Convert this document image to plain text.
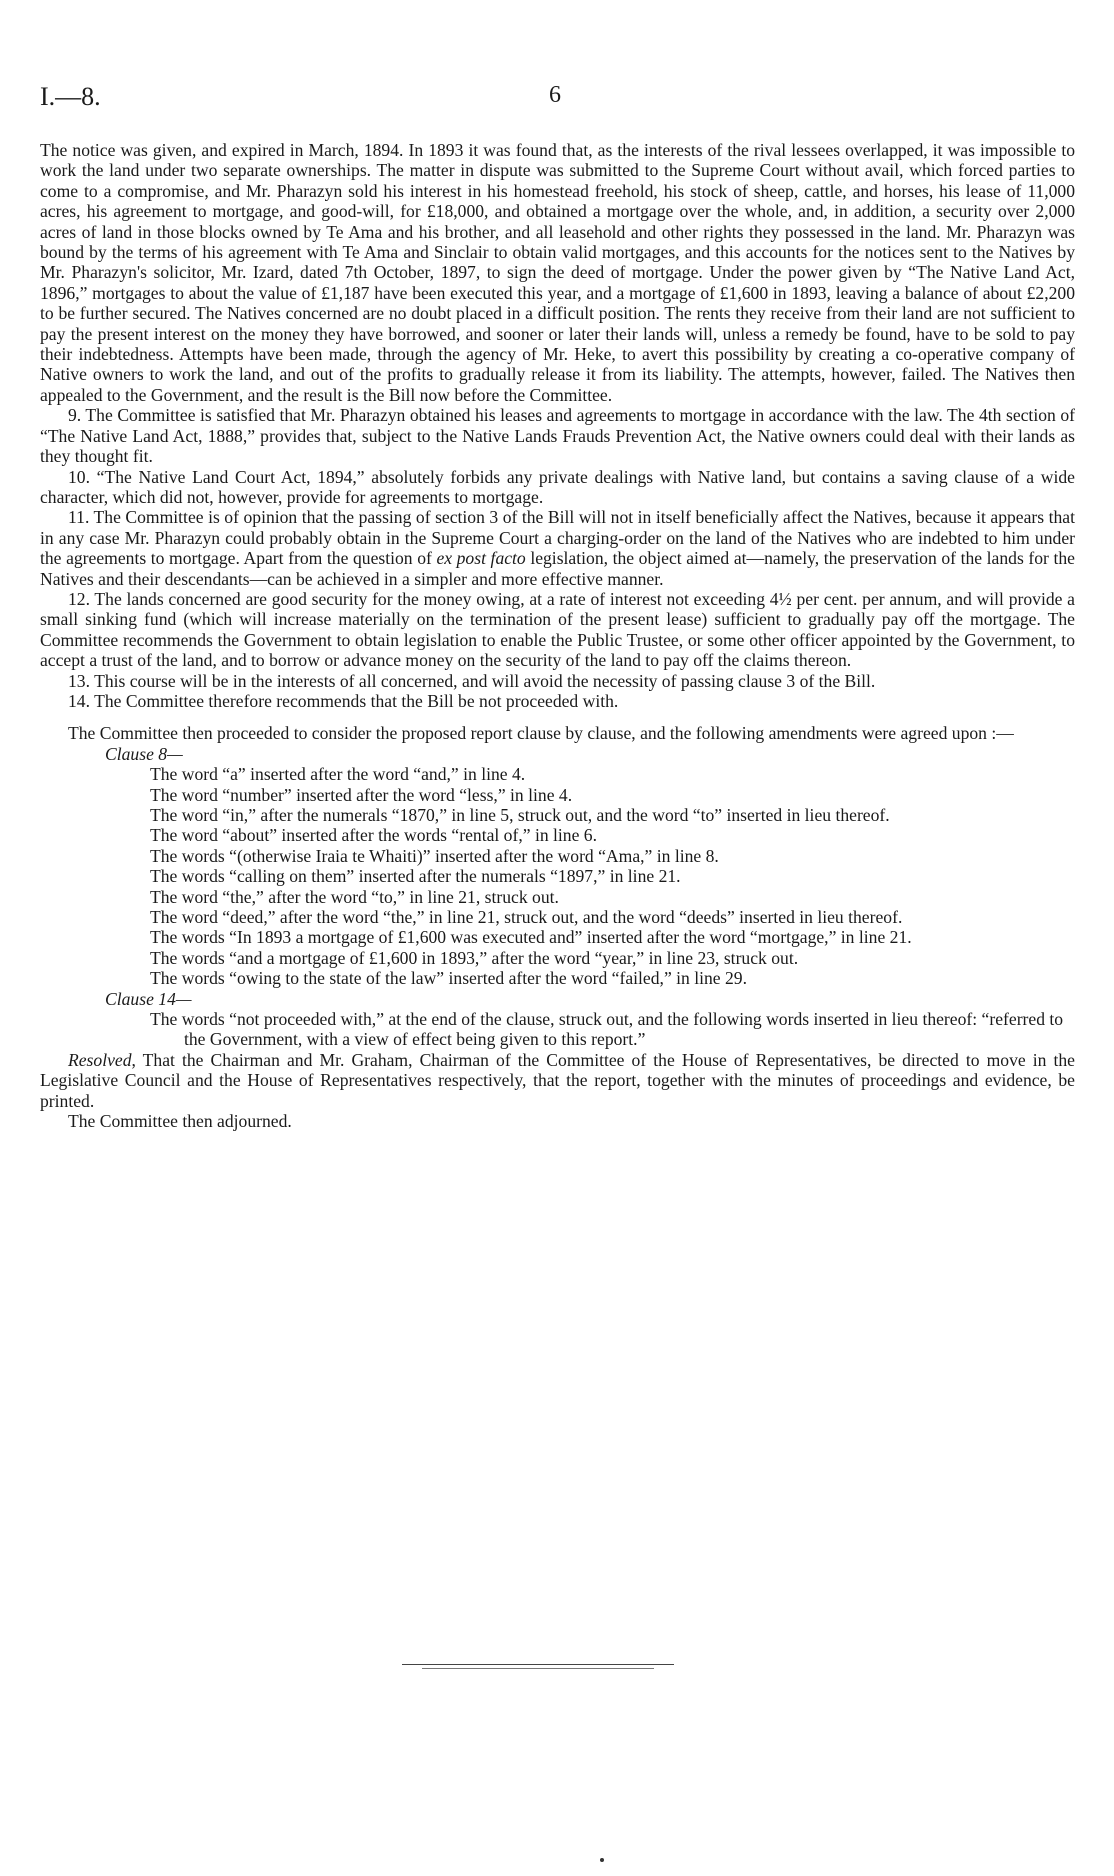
I.—8.	6

The notice was given, and expired in March, 1894. In 1893 it was found that, as the interests of the rival lessees overlapped, it was impossible to work the land under two separate ownerships. The matter in dispute was submitted to the Supreme Court without avail, which forced parties to come to a compromise, and Mr. Pharazyn sold his interest in his homestead freehold, his stock of sheep, cattle, and horses, his lease of 11,000 acres, his agreement to mortgage, and good-will, for £18,000, and obtained a mortgage over the whole, and, in addition, a security over 2,000 acres of land in those blocks owned by Te Ama and his brother, and all leasehold and other rights they possessed in the land. Mr. Pharazyn was bound by the terms of his agreement with Te Ama and Sinclair to obtain valid mortgages, and this accounts for the notices sent to the Natives by Mr. Pharazyn's solicitor, Mr. Izard, dated 7th October, 1897, to sign the deed of mortgage. Under the power given by “The Native Land Act, 1896,” mortgages to about the value of £1,187 have been executed this year, and a mortgage of £1,600 in 1893, leaving a balance of about £2,200 to be further secured. The Natives concerned are no doubt placed in a difficult position. The rents they receive from their land are not sufficient to pay the present interest on the money they have borrowed, and sooner or later their lands will, unless a remedy be found, have to be sold to pay their indebtedness. Attempts have been made, through the agency of Mr. Heke, to avert this possibility by creating a co-operative company of Native owners to work the land, and out of the profits to gradually release it from its liability. The attempts, however, failed. The Natives then appealed to the Government, and the result is the Bill now before the Committee.

9. The Committee is satisfied that Mr. Pharazyn obtained his leases and agreements to mortgage in accordance with the law. The 4th section of “The Native Land Act, 1888,” provides that, subject to the Native Lands Frauds Prevention Act, the Native owners could deal with their lands as they thought fit.

10. “The Native Land Court Act, 1894,” absolutely forbids any private dealings with Native land, but contains a saving clause of a wide character, which did not, however, provide for agreements to mortgage.

11. The Committee is of opinion that the passing of section 3 of the Bill will not in itself beneficially affect the Natives, because it appears that in any case Mr. Pharazyn could probably obtain in the Supreme Court a charging-order on the land of the Natives who are indebted to him under the agreements to mortgage. Apart from the question of ex post facto legislation, the object aimed at—namely, the preservation of the lands for the Natives and their descendants—can be achieved in a simpler and more effective manner.

12. The lands concerned are good security for the money owing, at a rate of interest not exceeding 4½ per cent. per annum, and will provide a small sinking fund (which will increase materially on the termination of the present lease) sufficient to gradually pay off the mortgage. The Committee recommends the Government to obtain legislation to enable the Public Trustee, or some other officer appointed by the Government, to accept a trust of the land, and to borrow or advance money on the security of the land to pay off the claims thereon.

13. This course will be in the interests of all concerned, and will avoid the necessity of passing clause 3 of the Bill.

14. The Committee therefore recommends that the Bill be not proceeded with.

The Committee then proceeded to consider the proposed report clause by clause, and the following amendments were agreed upon :—

Clause 8—

The word “a” inserted after the word “and,” in line 4.

The word “number” inserted after the word “less,” in line 4.

The word “in,” after the numerals “1870,” in line 5, struck out, and the word “to” inserted in lieu thereof.

The word “about” inserted after the words “rental of,” in line 6.

The words “(otherwise Iraia te Whaiti)” inserted after the word “Ama,” in line 8.

The words “calling on them” inserted after the numerals “1897,” in line 21.

The word “the,” after the word “to,” in line 21, struck out.

The word “deed,” after the word “the,” in line 21, struck out, and the word “deeds” inserted in lieu thereof.

The words “In 1893 a mortgage of £1,600 was executed and” inserted after the word “mortgage,” in line 21.

The words “and a mortgage of £1,600 in 1893,” after the word “year,” in line 23, struck out.

The words “owing to the state of the law” inserted after the word “failed,” in line 29.

Clause 14—

The words “not proceeded with,” at the end of the clause, struck out, and the following words inserted in lieu thereof: “referred to the Government, with a view of effect being given to this report.”

Resolved, That the Chairman and Mr. Graham, Chairman of the Committee of the House of Representatives, be directed to move in the Legislative Council and the House of Representatives respectively, that the report, together with the minutes of proceedings and evidence, be printed.

The Committee then adjourned.
